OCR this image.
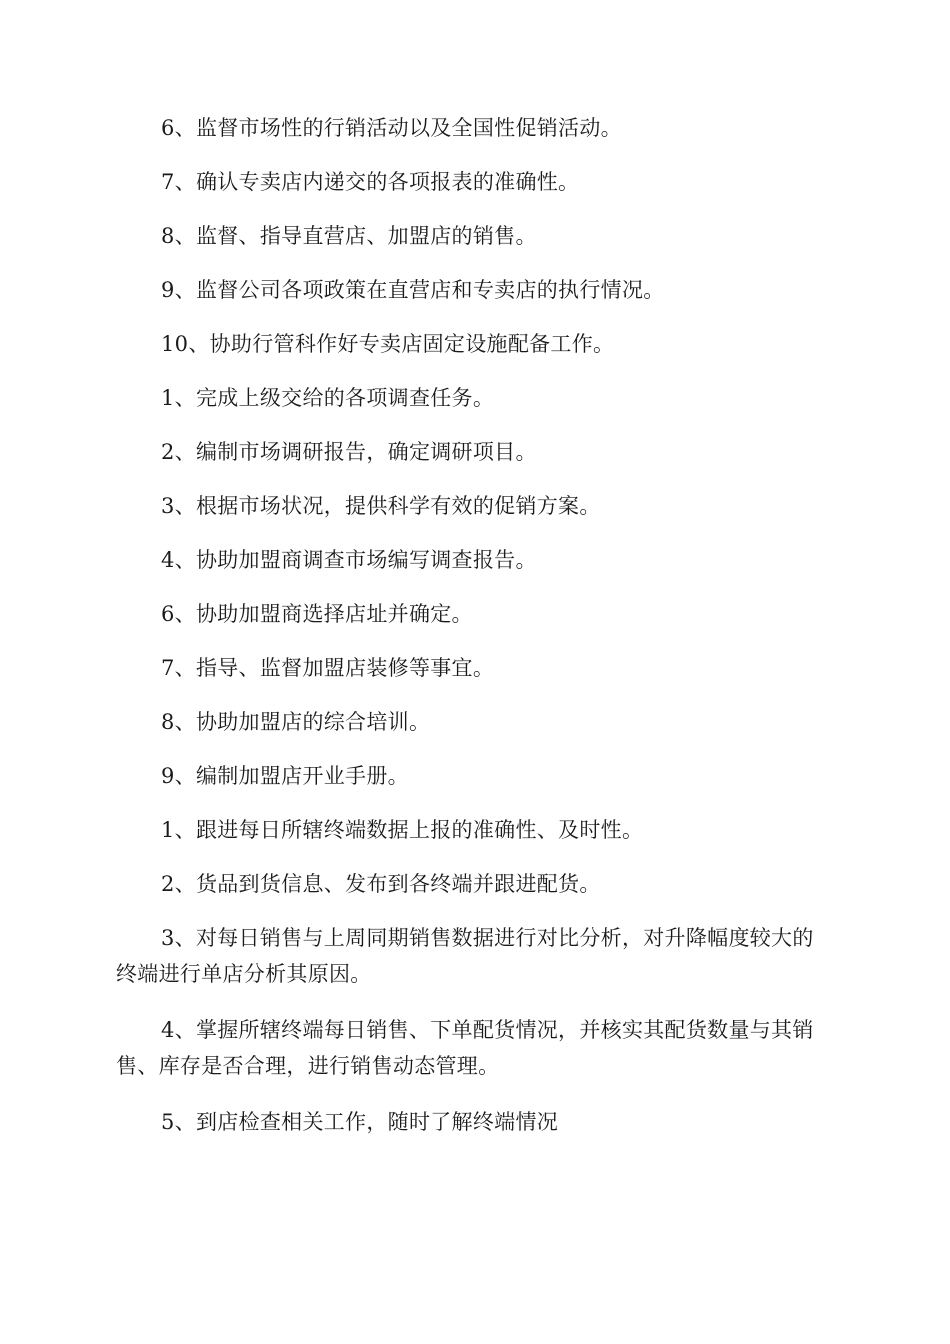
6、监督市场性的行销活动以及全国性促销活动。

7、确认专卖店内递交的各项报表的准确性。

8、监督、指导直营店、加盟店的销售。

9、监督公司各项政策在直营店和专卖店的执行情况。

10、协助行管科作好专卖店固定设施配备工作。

1、完成上级交给的各项调查任务。

2、编制市场调研报告，确定调研项目。

3、根据市场状况，提供科学有效的促销方案。

4、协助加盟商调查市场编写调查报告。

6、协助加盟商选择店址并确定。

7、指导、监督加盟店装修等事宜。

8、协助加盟店的综合培训。

9、编制加盟店开业手册。

1、跟进每日所辖终端数据上报的准确性、及时性。

2、货品到货信息、发布到各终端并跟进配货。

3、对每日销售与上周同期销售数据进行对比分析，对升降幅度较大的终端进行单店分析其原因。

4、掌握所辖终端每日销售、下单配货情况，并核实其配货数量与其销售、库存是否合理，进行销售动态管理。

5、到店检查相关工作，随时了解终端情况
